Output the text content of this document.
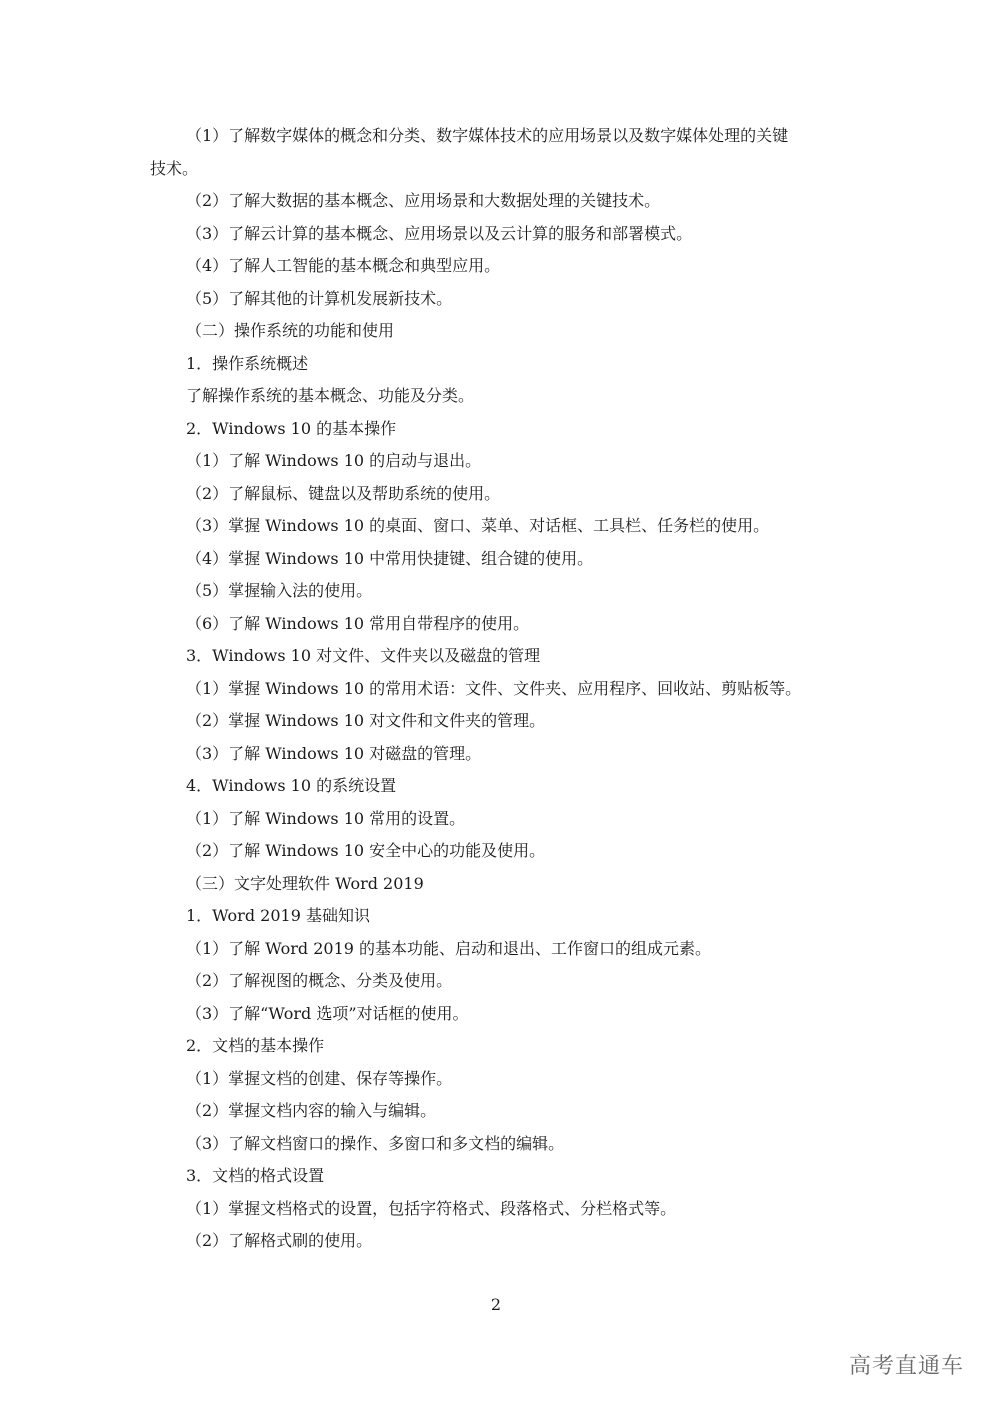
（1）了解数字媒体的概念和分类、数字媒体技术的应用场景以及数字媒体处理的关键
技术。
（2）了解大数据的基本概念、应用场景和大数据处理的关键技术。
（3）了解云计算的基本概念、应用场景以及云计算的服务和部署模式。
（4）了解人工智能的基本概念和典型应用。
（5）了解其他的计算机发展新技术。
（二）操作系统的功能和使用
1．操作系统概述
了解操作系统的基本概念、功能及分类。
2．Windows 10 的基本操作
（1）了解 Windows 10 的启动与退出。
（2）了解鼠标、键盘以及帮助系统的使用。
（3）掌握 Windows 10 的桌面、窗口、菜单、对话框、工具栏、任务栏的使用。
（4）掌握 Windows 10 中常用快捷键、组合键的使用。
（5）掌握输入法的使用。
（6）了解 Windows 10 常用自带程序的使用。
3．Windows 10 对文件、文件夹以及磁盘的管理
（1）掌握 Windows 10 的常用术语：文件、文件夹、应用程序、回收站、剪贴板等。
（2）掌握 Windows 10 对文件和文件夹的管理。
（3）了解 Windows 10 对磁盘的管理。
4．Windows 10 的系统设置
（1）了解 Windows 10 常用的设置。
（2）了解 Windows 10 安全中心的功能及使用。
（三）文字处理软件 Word 2019
1．Word 2019 基础知识
（1）了解 Word 2019 的基本功能、启动和退出、工作窗口的组成元素。
（2）了解视图的概念、分类及使用。
（3）了解“Word 选项”对话框的使用。
2．文档的基本操作
（1）掌握文档的创建、保存等操作。
（2）掌握文档内容的输入与编辑。
（3）了解文档窗口的操作、多窗口和多文档的编辑。
3．文档的格式设置
（1）掌握文档格式的设置，包括字符格式、段落格式、分栏格式等。
（2）了解格式刷的使用。
2
高考直通车
